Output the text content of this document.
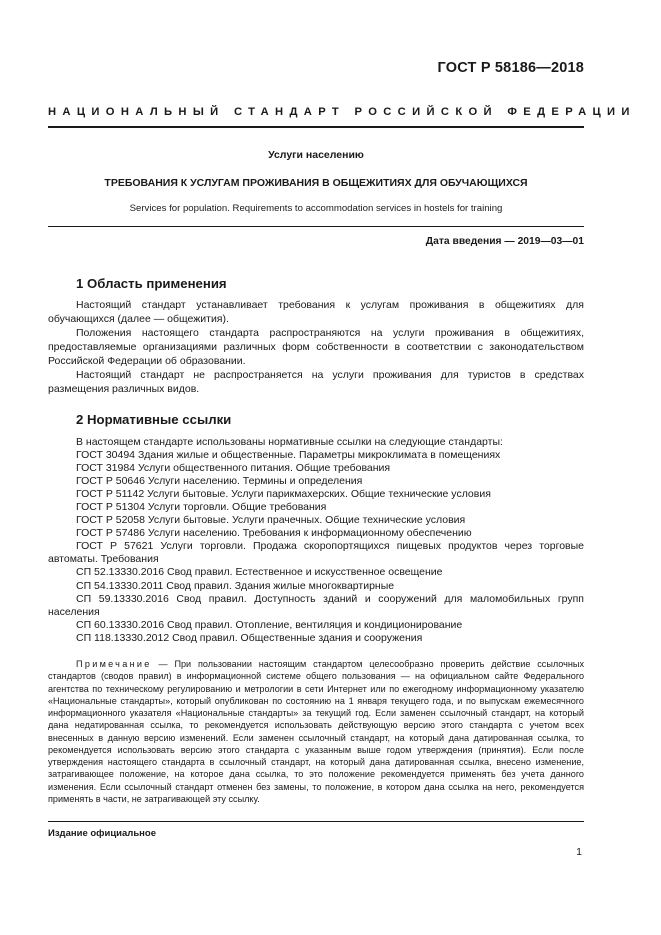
ГОСТ Р 58186—2018
НАЦИОНАЛЬНЫЙ СТАНДАРТ РОССИЙСКОЙ ФЕДЕРАЦИИ
Услуги населению
ТРЕБОВАНИЯ К УСЛУГАМ ПРОЖИВАНИЯ В ОБЩЕЖИТИЯХ ДЛЯ ОБУЧАЮЩИХСЯ
Services for population. Requirements to accommodation services in hostels for training
Дата введения — 2019—03—01
1 Область применения

Настоящий стандарт устанавливает требования к услугам проживания в общежитиях для обучающихся (далее — общежития).

Положения настоящего стандарта распространяются на услуги проживания в общежитиях, предоставляемые организациями различных форм собственности в соответствии с законодательством Российской Федерации об образовании.

Настоящий стандарт не распространяется на услуги проживания для туристов в средствах размещения различных видов.

2 Нормативные ссылки
В настоящем стандарте использованы нормативные ссылки на следующие стандарты:
ГОСТ 30494 Здания жилые и общественные. Параметры микроклимата в помещениях
ГОСТ 31984 Услуги общественного питания. Общие требования
ГОСТ Р 50646 Услуги населению. Термины и определения
ГОСТ Р 51142 Услуги бытовые. Услуги парикмахерских. Общие технические условия
ГОСТ Р 51304 Услуги торговли. Общие требования
ГОСТ Р 52058 Услуги бытовые. Услуги прачечных. Общие технические условия
ГОСТ Р 57486 Услуги населению. Требования к информационному обеспечению
ГОСТ Р 57621 Услуги торговли. Продажа скоропортящихся пищевых продуктов через торговые автоматы. Требования
СП 52.13330.2016 Свод правил. Естественное и искусственное освещение
СП 54.13330.2011 Свод правил. Здания жилые многоквартирные
СП 59.13330.2016 Свод правил. Доступность зданий и сооружений для маломобильных групп населения
СП 60.13330.2016 Свод правил. Отопление, вентиляция и кондиционирование
СП 118.13330.2012 Свод правил. Общественные здания и сооружения

Примечание — При пользовании настоящим стандартом целесообразно проверить действие ссылочных стандартов (сводов правил) в информационной системе общего пользования — на официальном сайте Федерального агентства по техническому регулированию и метрологии в сети Интернет или по ежегодному информационному указателю «Национальные стандарты», который опубликован по состоянию на 1 января текущего года, и по выпускам ежемесячного информационного указателя «Национальные стандарты» за текущий год. Если заменен ссылочный стандарт, на который дана недатированная ссылка, то рекомендуется использовать действующую версию этого стандарта с учетом всех внесенных в данную версию изменений. Если заменен ссылочный стандарт, на который дана датированная ссылка, то рекомендуется использовать версию этого стандарта с указанным выше годом утверждения (принятия). Если после утверждения настоящего стандарта в ссылочный стандарт, на который дана датированная ссылка, внесено изменение, затрагивающее положение, на которое дана ссылка, то это положение рекомендуется применять без учета данного изменения. Если ссылочный стандарт отменен без замены, то положение, в котором дана ссылка на него, рекомендуется применять в части, не затрагивающей эту ссылку.

Издание официальное
1
